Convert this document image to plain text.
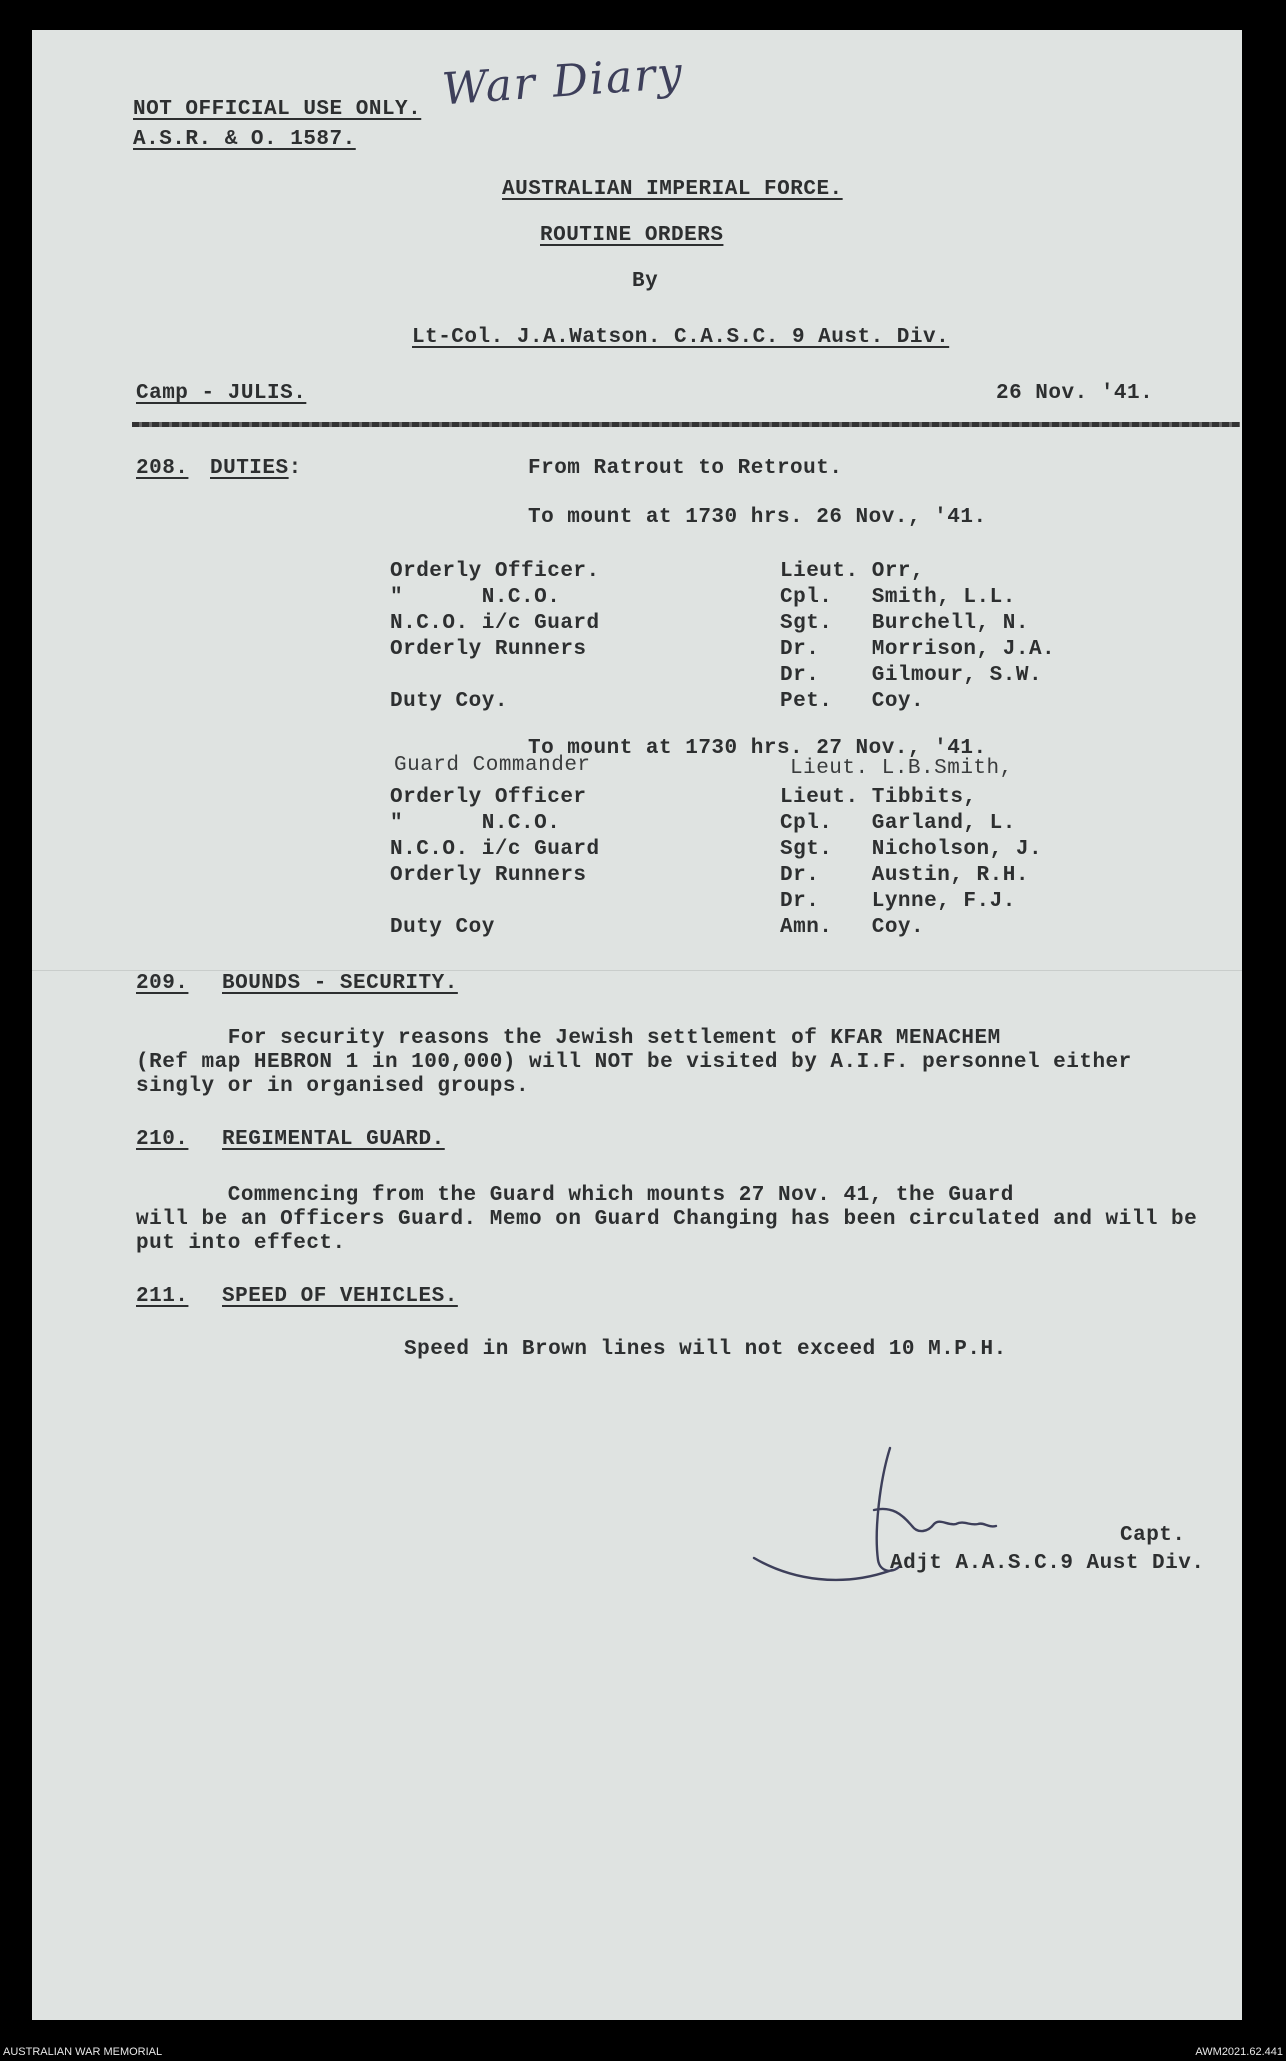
War Diary
NOT OFFICIAL USE ONLY.
A.S.R. & O. 1587.
AUSTRALIAN IMPERIAL FORCE.
ROUTINE ORDERS
By
Lt-Col. J.A.Watson. C.A.S.C. 9 Aust. Div.
Camp - JULIS.	26 Nov. '41.
208. DUTIES:	From Ratrout to Retrout.
To mount at 1730 hrs. 26 Nov., '41.
Orderly Officer.	Lieut. Orr,
"      N.C.O.	Cpl.   Smith, L.L.
N.C.O. i/c Guard	Sgt.   Burchell, N.
Orderly Runners	Dr.    Morrison, J.A.
Dr.    Gilmour, S.W.
Duty Coy.	Pet.   Coy.
To mount at 1730 hrs. 27 Nov., '41.
Guard Commander	Lieut. L.B.Smith,
Orderly Officer	Lieut. Tibbits,
"      N.C.O.	Cpl.   Garland, L.
N.C.O. i/c Guard	Sgt.   Nicholson, J.
Orderly Runners	Dr.    Austin, R.H.
Dr.    Lynne, F.J.
Duty Coy	Amn.   Coy.
209. BOUNDS - SECURITY.
For security reasons the Jewish settlement of KFAR MENACHEM
(Ref map HEBRON 1 in 100,000) will NOT be visited by A.I.F. personnel either
singly or in organised groups.
210. REGIMENTAL GUARD.
Commencing from the Guard which mounts 27 Nov. 41, the Guard
will be an Officers Guard. Memo on Guard Changing has been circulated and will be
put into effect.
211. SPEED OF VEHICLES.
Speed in Brown lines will not exceed 10 M.P.H.
Capt.
Adjt A.A.S.C.9 Aust Div.
AUSTRALIAN WAR MEMORIAL	AWM2021.62.441
